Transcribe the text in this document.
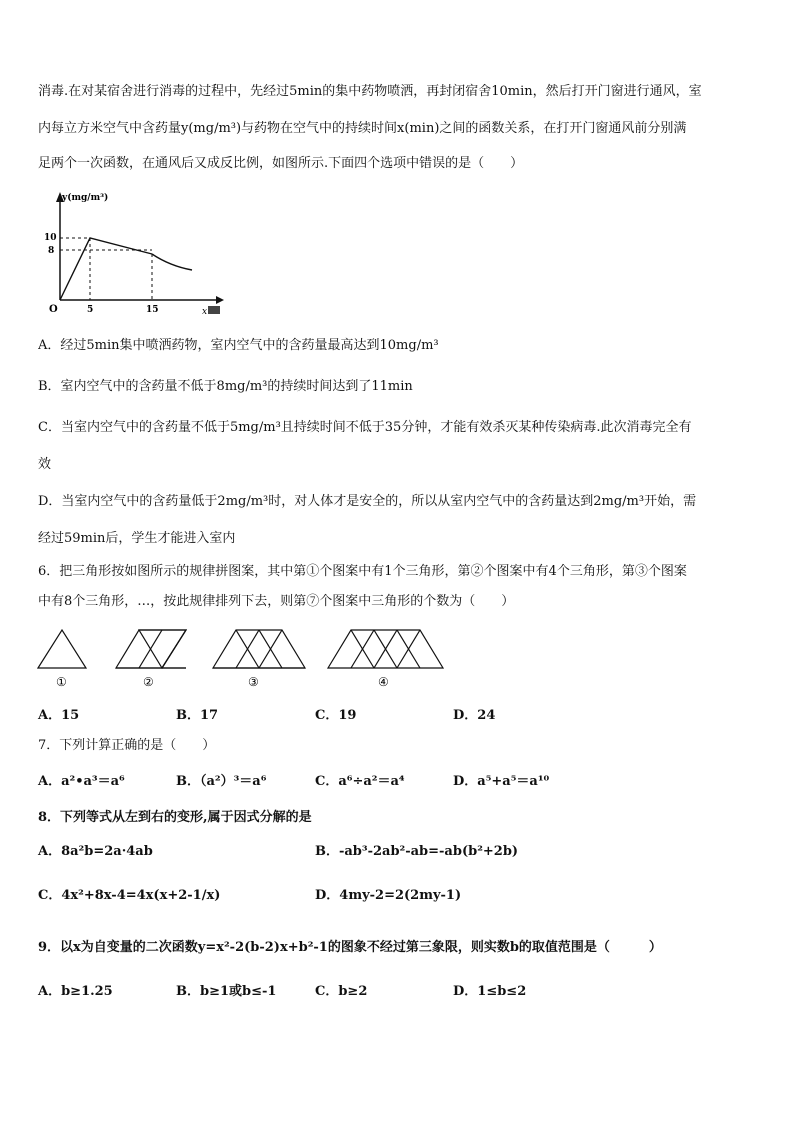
消毒.在对某宿舍进行消毒的过程中，先经过5min的集中药物喷洒，再封闭宿舍10min，然后打开门窗进行通风，室
内每立方米空气中含药量y(mg/m³)与药物在空气中的持续时间x(min)之间的函数关系，在打开门窗通风前分别满
足两个一次函数，在通风后又成反比例，如图所示.下面四个选项中错误的是（　　）
y(mg/m³)
10
8
O	5	15	x
A．经过5min集中喷洒药物，室内空气中的含药量最高达到10mg/m³
B．室内空气中的含药量不低于8mg/m³的持续时间达到了11min
C．当室内空气中的含药量不低于5mg/m³且持续时间不低于35分钟，才能有效杀灭某种传染病毒.此次消毒完全有
效
D．当室内空气中的含药量低于2mg/m³时，对人体才是安全的，所以从室内空气中的含药量达到2mg/m³开始，需
经过59min后，学生才能进入室内
6．把三角形按如图所示的规律拼图案，其中第①个图案中有1个三角形，第②个图案中有4个三角形，第③个图案
中有8个三角形，…，按此规律排列下去，则第⑦个图案中三角形的个数为（　　）
①	②	③	④
A．15	B．17	C．19	D．24
7．下列计算正确的是（　　）
A．a²•a³＝a⁶	B．（a²）³＝a⁶	C．a⁶÷a²＝a⁴	D．a⁵+a⁵＝a¹⁰
8．下列等式从左到右的变形,属于因式分解的是
A．8a²b=2a·4ab	B．-ab³-2ab²-ab=-ab(b²+2b)
C．4x²+8x-4=4x(x+2-1/x)	D．4my-2=2(2my-1)
9．以x为自变量的二次函数y=x²-2(b-2)x+b²-1的图象不经过第三象限，则实数b的取值范围是（　　　）
A．b≥1.25	B．b≥1或b≤-1	C．b≥2	D．1≤b≤2
